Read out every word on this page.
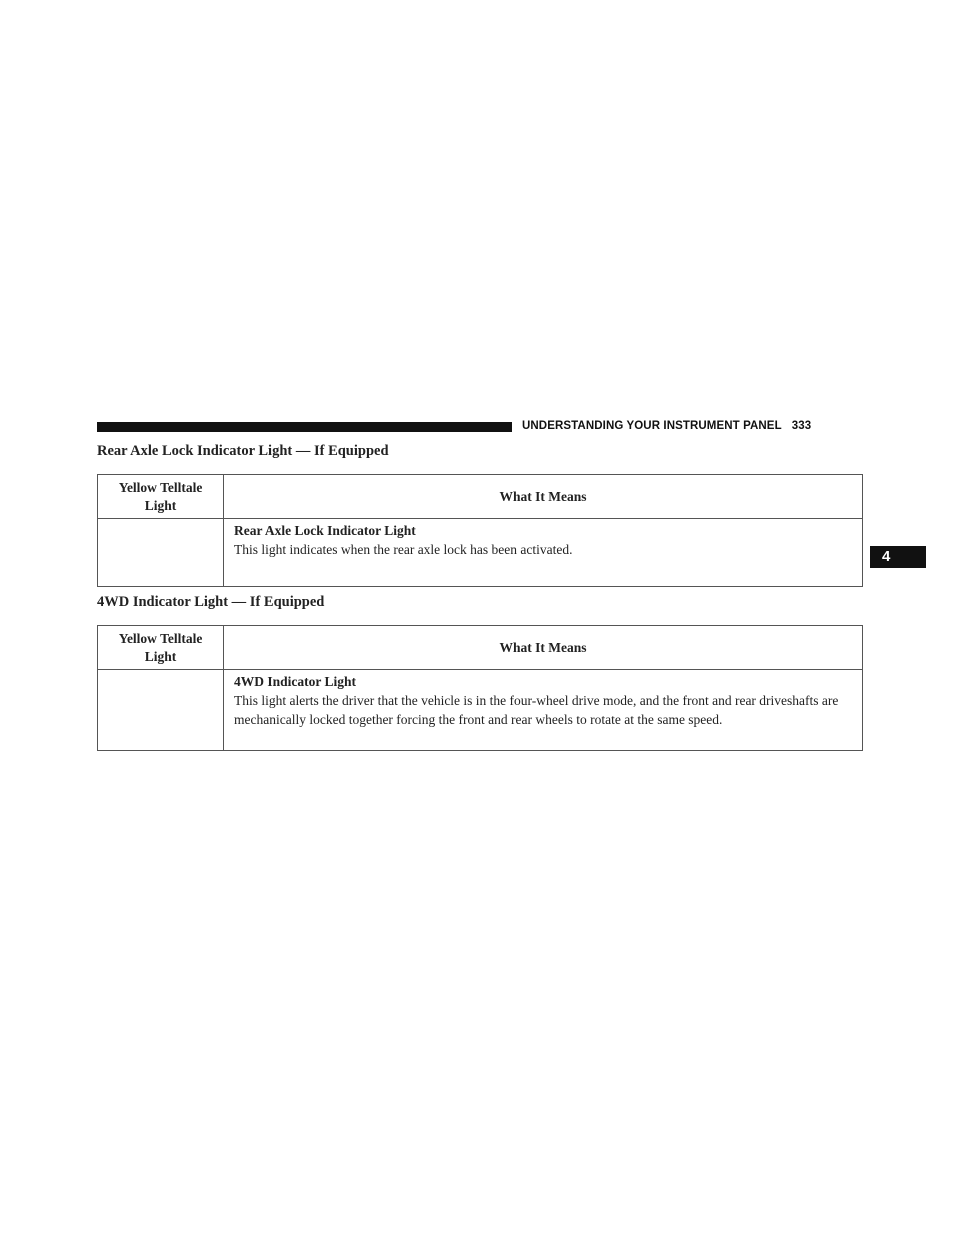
UNDERSTANDING YOUR INSTRUMENT PANEL 333
4
Rear Axle Lock Indicator Light — If Equipped
Yellow Telltale
Light	What It Means

	Rear Axle Lock Indicator Light
This light indicates when the rear axle lock has been activated.
4WD Indicator Light — If Equipped
Yellow Telltale
Light	What It Means

	4WD Indicator Light
This light alerts the driver that the vehicle is in the four-wheel drive mode, and the front and rear driveshafts are mechanically locked together forcing the front and rear wheels to rotate at the same speed.
